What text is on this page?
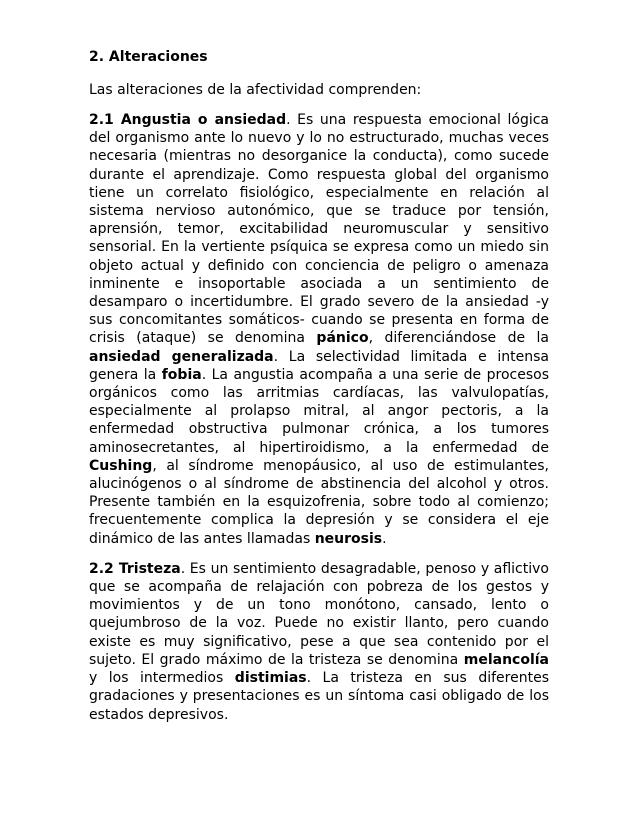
2. Alteraciones
Las alteraciones de la afectividad comprenden:

2.1 Angustia o ansiedad. Es una respuesta emocional lógica del organismo ante lo nuevo y lo no estructurado, muchas veces necesaria (mientras no desorganice la conducta), como sucede durante el aprendizaje. Como respuesta global del organismo tiene un correlato fisiológico, especialmente en relación al sistema nervioso autonómico, que se traduce por tensión, aprensión, temor, excitabilidad neuromuscular y sensitivo sensorial. En la vertiente psíquica se expresa como un miedo sin objeto actual y definido con conciencia de peligro o amenaza inminente e insoportable asociada a un sentimiento de desamparo o incertidumbre. El grado severo de la ansiedad -y sus concomitantes somáticos- cuando se presenta en forma de crisis (ataque) se denomina pánico, diferenciándose de la ansiedad generalizada. La selectividad limitada e intensa genera la fobia. La angustia acompaña a una serie de procesos orgánicos como las arritmias cardíacas, las valvulopatías, especialmente al prolapso mitral, al angor pectoris, a la enfermedad obstructiva pulmonar crónica, a los tumores aminosecretantes, al hipertiroidismo, a la enfermedad de Cushing, al síndrome menopáusico, al uso de estimulantes, alucinógenos o al síndrome de abstinencia del alcohol y otros. Presente también en la esquizofrenia, sobre todo al comienzo; frecuentemente complica la depresión y se considera el eje dinámico de las antes llamadas neurosis.

2.2 Tristeza. Es un sentimiento desagradable, penoso y aflictivo que se acompaña de relajación con pobreza de los gestos y movimientos y de un tono monótono, cansado, lento o quejumbroso de la voz. Puede no existir llanto, pero cuando existe es muy significativo, pese a que sea contenido por el sujeto. El grado máximo de la tristeza se denomina melancolía y los intermedios distimias. La tristeza en sus diferentes gradaciones y presentaciones es un síntoma casi obligado de los estados depresivos.
